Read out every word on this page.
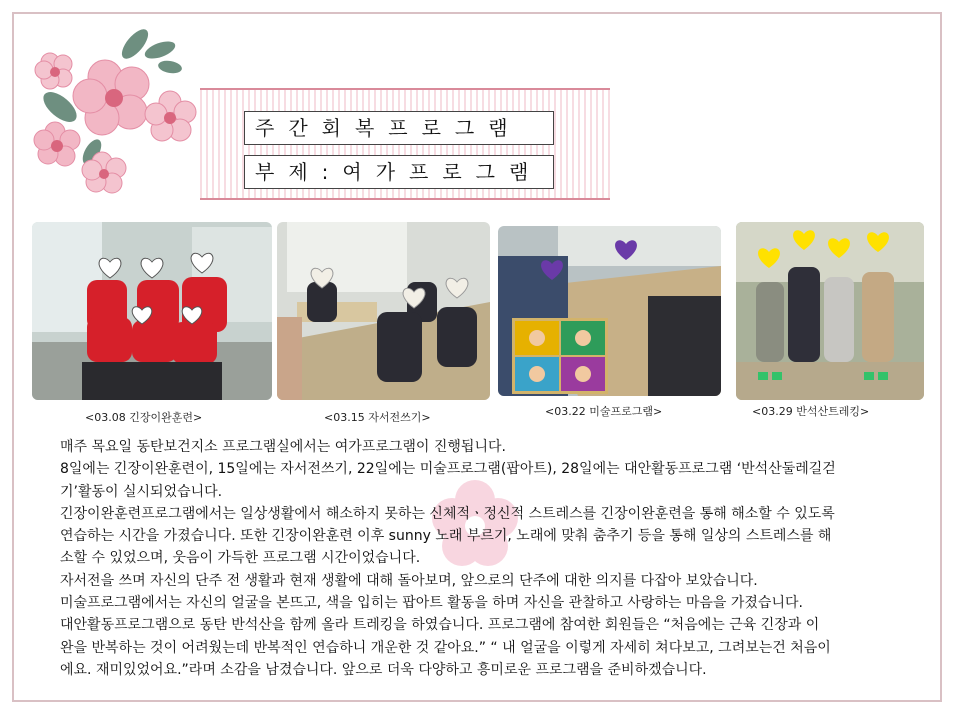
주간회복프로그램
부제:여가프로그램
<03.08 긴장이완훈련>	<03.15 자서전쓰기>	<03.22 미술프로그램>	<03.29 반석산트레킹>

매주 목요일 동탄보건지소 프로그램실에서는 여가프로그램이 진행됩니다.

8일에는 긴장이완훈련이, 15일에는 자서전쓰기, 22일에는 미술프로그램(팝아트), 28일에는 대안활동프로그램 ‘반석산둘레길걷

기’활동이 실시되었습니다.

긴장이완훈련프로그램에서는 일상생활에서 해소하지 못하는 신체적ㆍ정신적 스트레스를 긴장이완훈련을 통해 해소할 수 있도록

연습하는 시간을 가졌습니다. 또한 긴장이완훈련 이후 sunny 노래 부르기, 노래에 맞춰 춤추기 등을 통해 일상의 스트레스를 해

소할 수 있었으며, 웃음이 가득한 프로그램 시간이었습니다.

자서전을 쓰며 자신의 단주 전 생활과 현재 생활에 대해 돌아보며, 앞으로의 단주에 대한 의지를 다잡아 보았습니다.

미술프로그램에서는 자신의 얼굴을 본뜨고, 색을 입히는 팝아트 활동을 하며 자신을 관찰하고 사랑하는 마음을 가졌습니다.

대안활동프로그램으로 동탄 반석산을 함께 올라 트레킹을 하였습니다. 프로그램에 참여한 회원들은 “처음에는 근육 긴장과 이

완을 반복하는 것이 어려웠는데 반복적인 연습하니 개운한 것 같아요.” “ 내 얼굴을 이렇게 자세히 쳐다보고, 그려보는건 처음이

에요. 재미있었어요.”라며 소감을 남겼습니다. 앞으로 더욱 다양하고 흥미로운 프로그램을 준비하겠습니다.
